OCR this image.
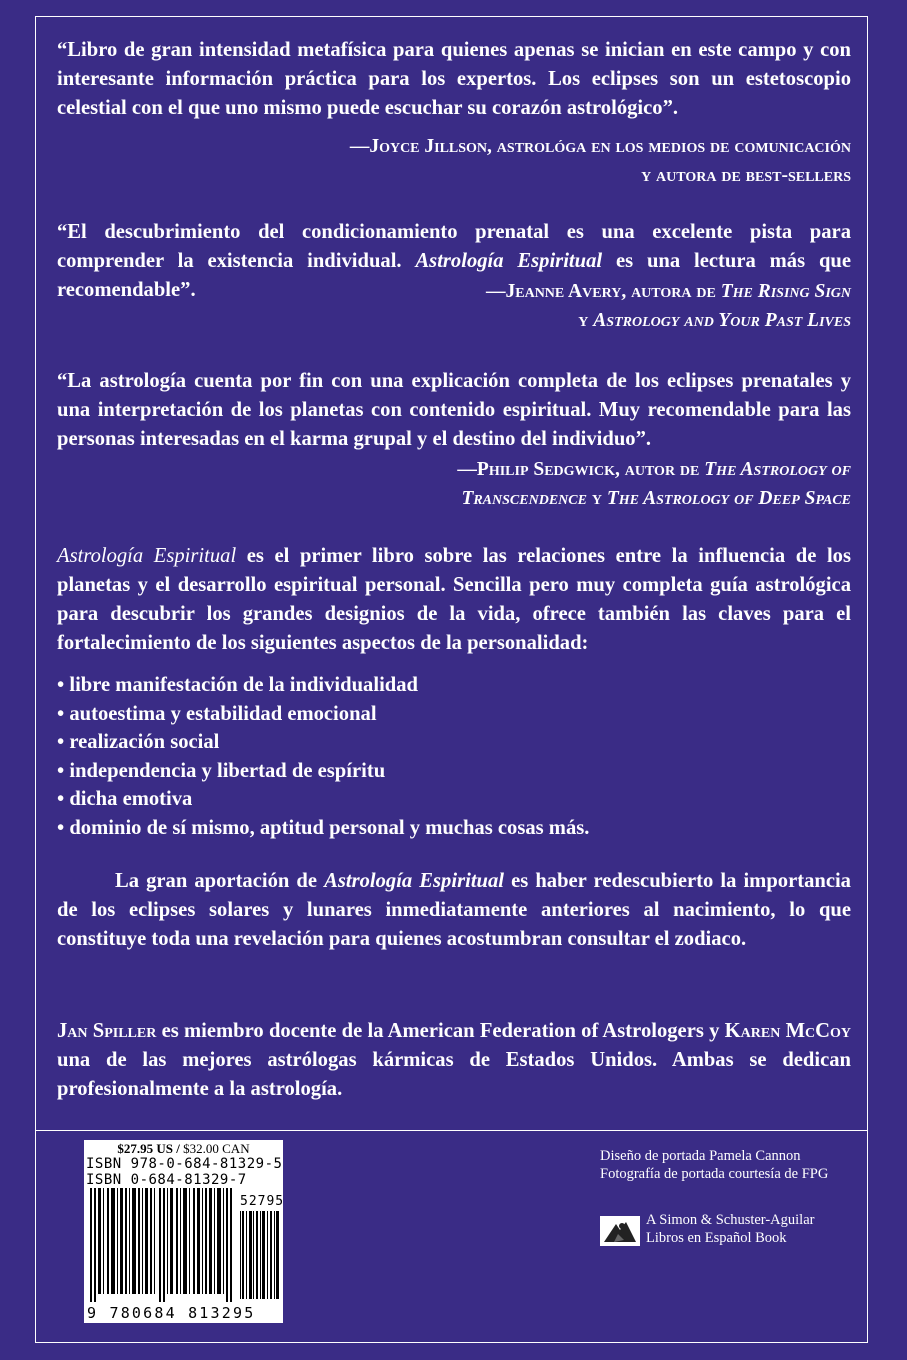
“Libro de gran intensidad metafísica para quienes apenas se inician en este campo y con interesante información práctica para los expertos. Los eclipses son un estetoscopio celestial con el que uno mismo puede escuchar su corazón astrológico”.

—Joyce Jillson, astrológa en los medios de comunicación

y autora de best-sellers

“El descubrimiento del condicionamiento prenatal es una excelente pista para comprender la existencia individual. Astrología Espiritual es una lectura más que recomendable”.	—Jeanne Avery, autora de The Rising Sign

y Astrology and Your Past Lives

“La astrología cuenta por fin con una explicación completa de los eclipses prenatales y una interpretación de los planetas con contenido espiritual. Muy recomendable para las personas interesadas en el karma grupal y el destino del individuo”.

—Philip Sedgwick, autor de The Astrology of

Transcendence y The Astrology of Deep Space

Astrología Espiritual es el primer libro sobre las relaciones entre la influencia de los planetas y el desarrollo espiritual personal. Sencilla pero muy completa guía astrológica para descubrir los grandes designios de la vida, ofrece también las claves para el fortalecimiento de los siguientes aspectos de la personalidad:

• libre manifestación de la individualidad
• autoestima y estabilidad emocional
• realización social
• independencia y libertad de espíritu
• dicha emotiva
• dominio de sí mismo, aptitud personal y muchas cosas más.

La gran aportación de Astrología Espiritual es haber redescubierto la importancia de los eclipses solares y lunares inmediatamente anteriores al nacimiento, lo que constituye toda una revelación para quienes acostumbran consultar el zodiaco.

Jan Spiller es miembro docente de la American Federation of Astrologers y Karen McCoy una de las mejores astrólogas kármicas de Estados Unidos. Ambas se dedican profesionalmente a la astrología.

$27.95 US / $32.00 CAN
ISBN 978-0-684-81329-5
ISBN 0-684-81329-7
52795
9 780684 813295
Diseño de portada Pamela Cannon
Fotografía de portada courtesía de FPG
A Simon & Schuster-Aguilar
Libros en Español Book
